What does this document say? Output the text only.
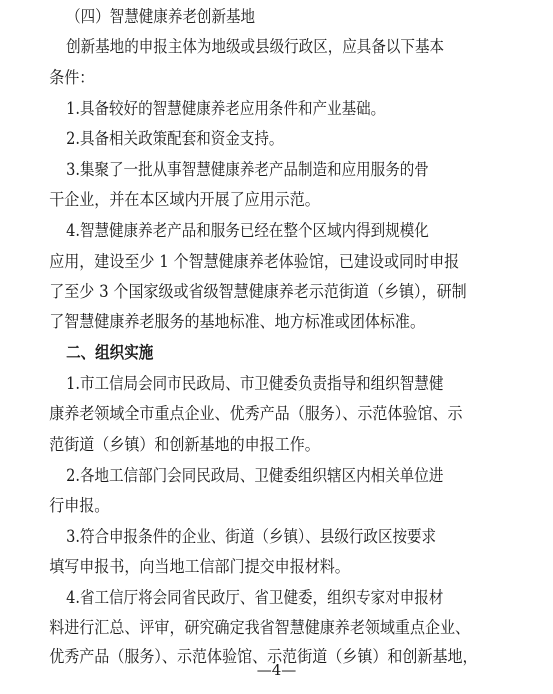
（四）智慧健康养老创新基地
创新基地的申报主体为地级或县级行政区，应具备以下基本
条件：
1.具备较好的智慧健康养老应用条件和产业基础。
2.具备相关政策配套和资金支持。
3.集聚了一批从事智慧健康养老产品制造和应用服务的骨
干企业，并在本区域内开展了应用示范。
4.智慧健康养老产品和服务已经在整个区域内得到规模化
应用，建设至少 1 个智慧健康养老体验馆，已建设或同时申报
了至少 3 个国家级或省级智慧健康养老示范街道（乡镇），研制
了智慧健康养老服务的基地标准、地方标准或团体标准。
二、组织实施
1.市工信局会同市民政局、市卫健委负责指导和组织智慧健
康养老领域全市重点企业、优秀产品（服务）、示范体验馆、示
范街道（乡镇）和创新基地的申报工作。
2.各地工信部门会同民政局、卫健委组织辖区内相关单位进
行申报。
3.符合申报条件的企业、街道（乡镇）、县级行政区按要求
填写申报书，向当地工信部门提交申报材料。
4.省工信厅将会同省民政厅、省卫健委，组织专家对申报材
料进行汇总、评审，研究确定我省智慧健康养老领域重点企业、
优秀产品（服务）、示范体验馆、示范街道（乡镇）和创新基地，
—4—
